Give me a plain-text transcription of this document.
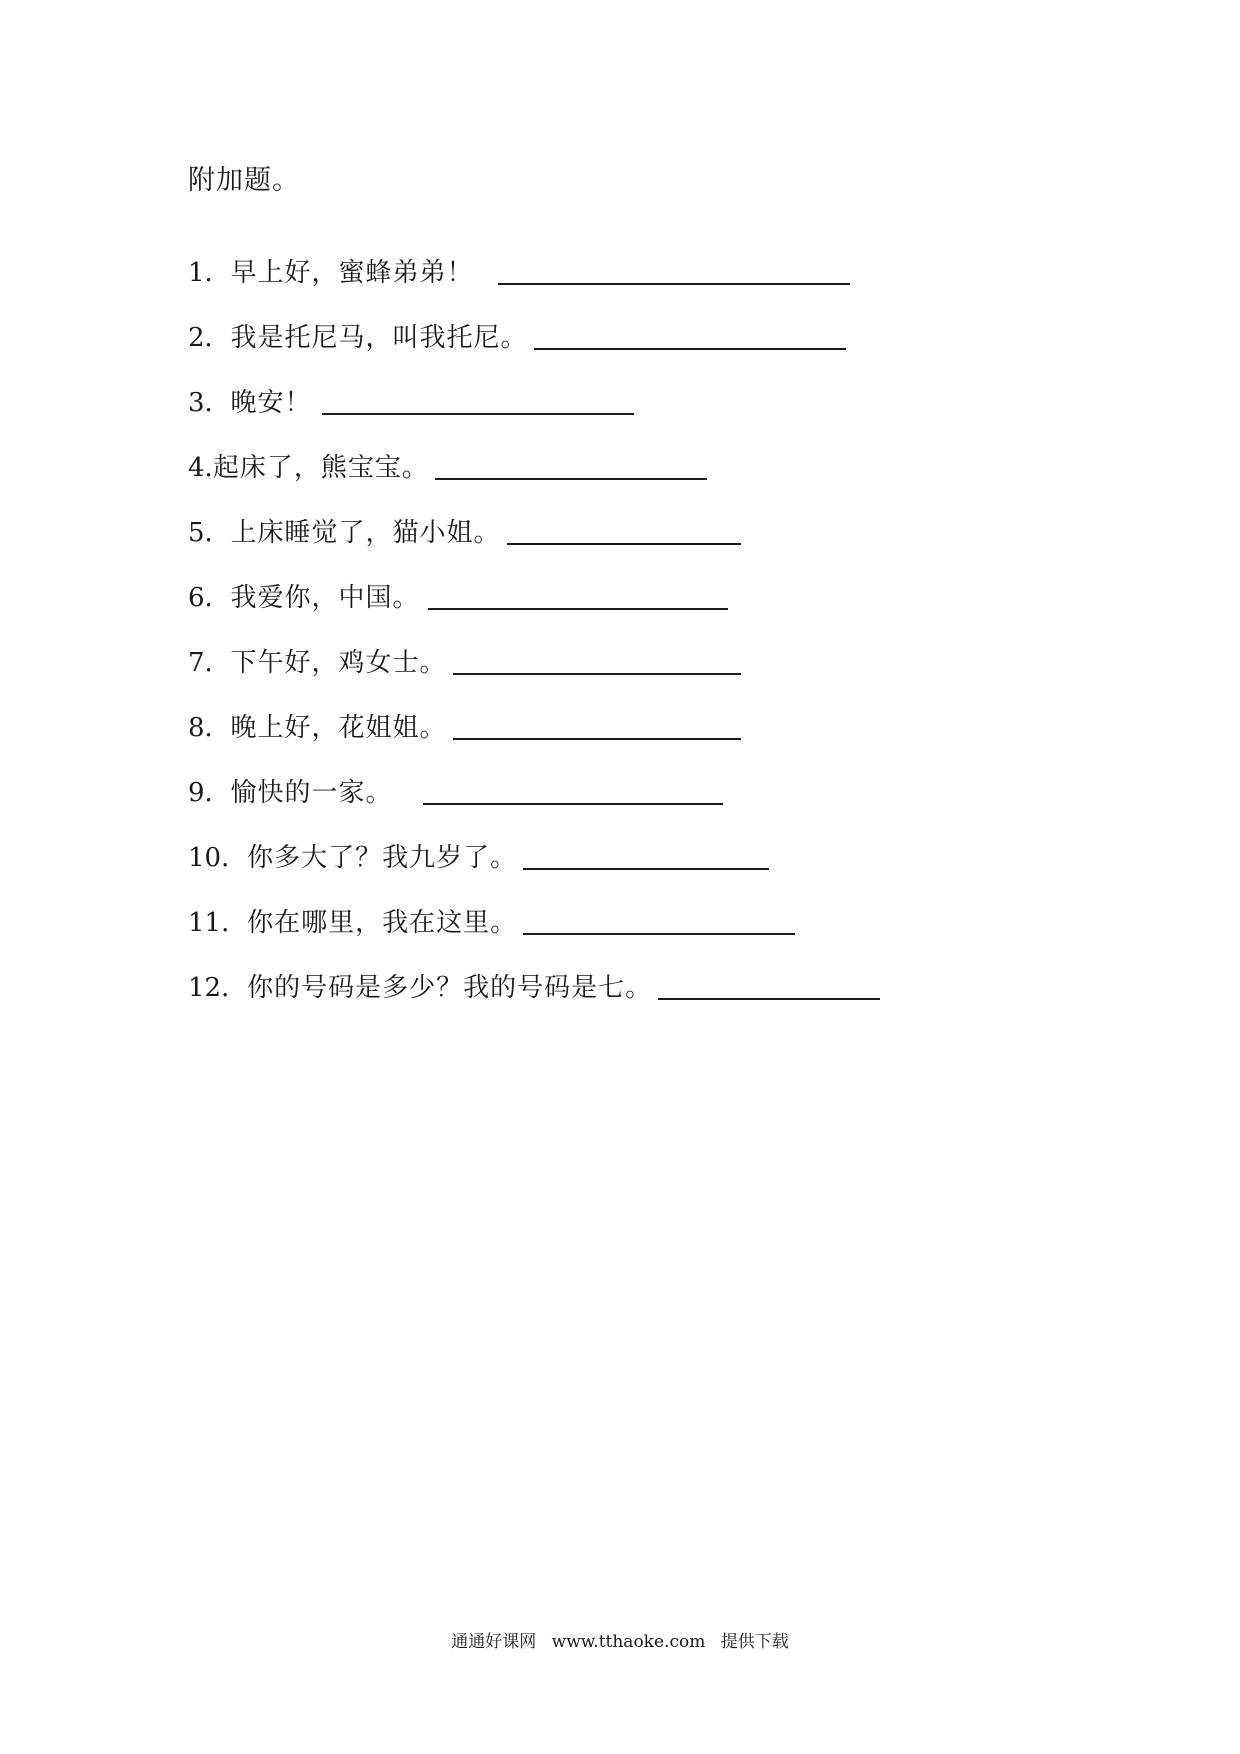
附加题。
1． 早上好，蜜蜂弟弟！
2． 我是托尼马，叫我托尼。
3． 晚安！
4. 起床了，熊宝宝。
5． 上床睡觉了，猫小姐。
6． 我爱你，中国。
7． 下午好，鸡女士。
8． 晚上好，花姐姐。
9． 愉快的一家。
10． 你多大了？我九岁了。
11． 你在哪里，我在这里。
12． 你的号码是多少？我的号码是七。
通通好课网 www.tthaoke.com 提供下载
